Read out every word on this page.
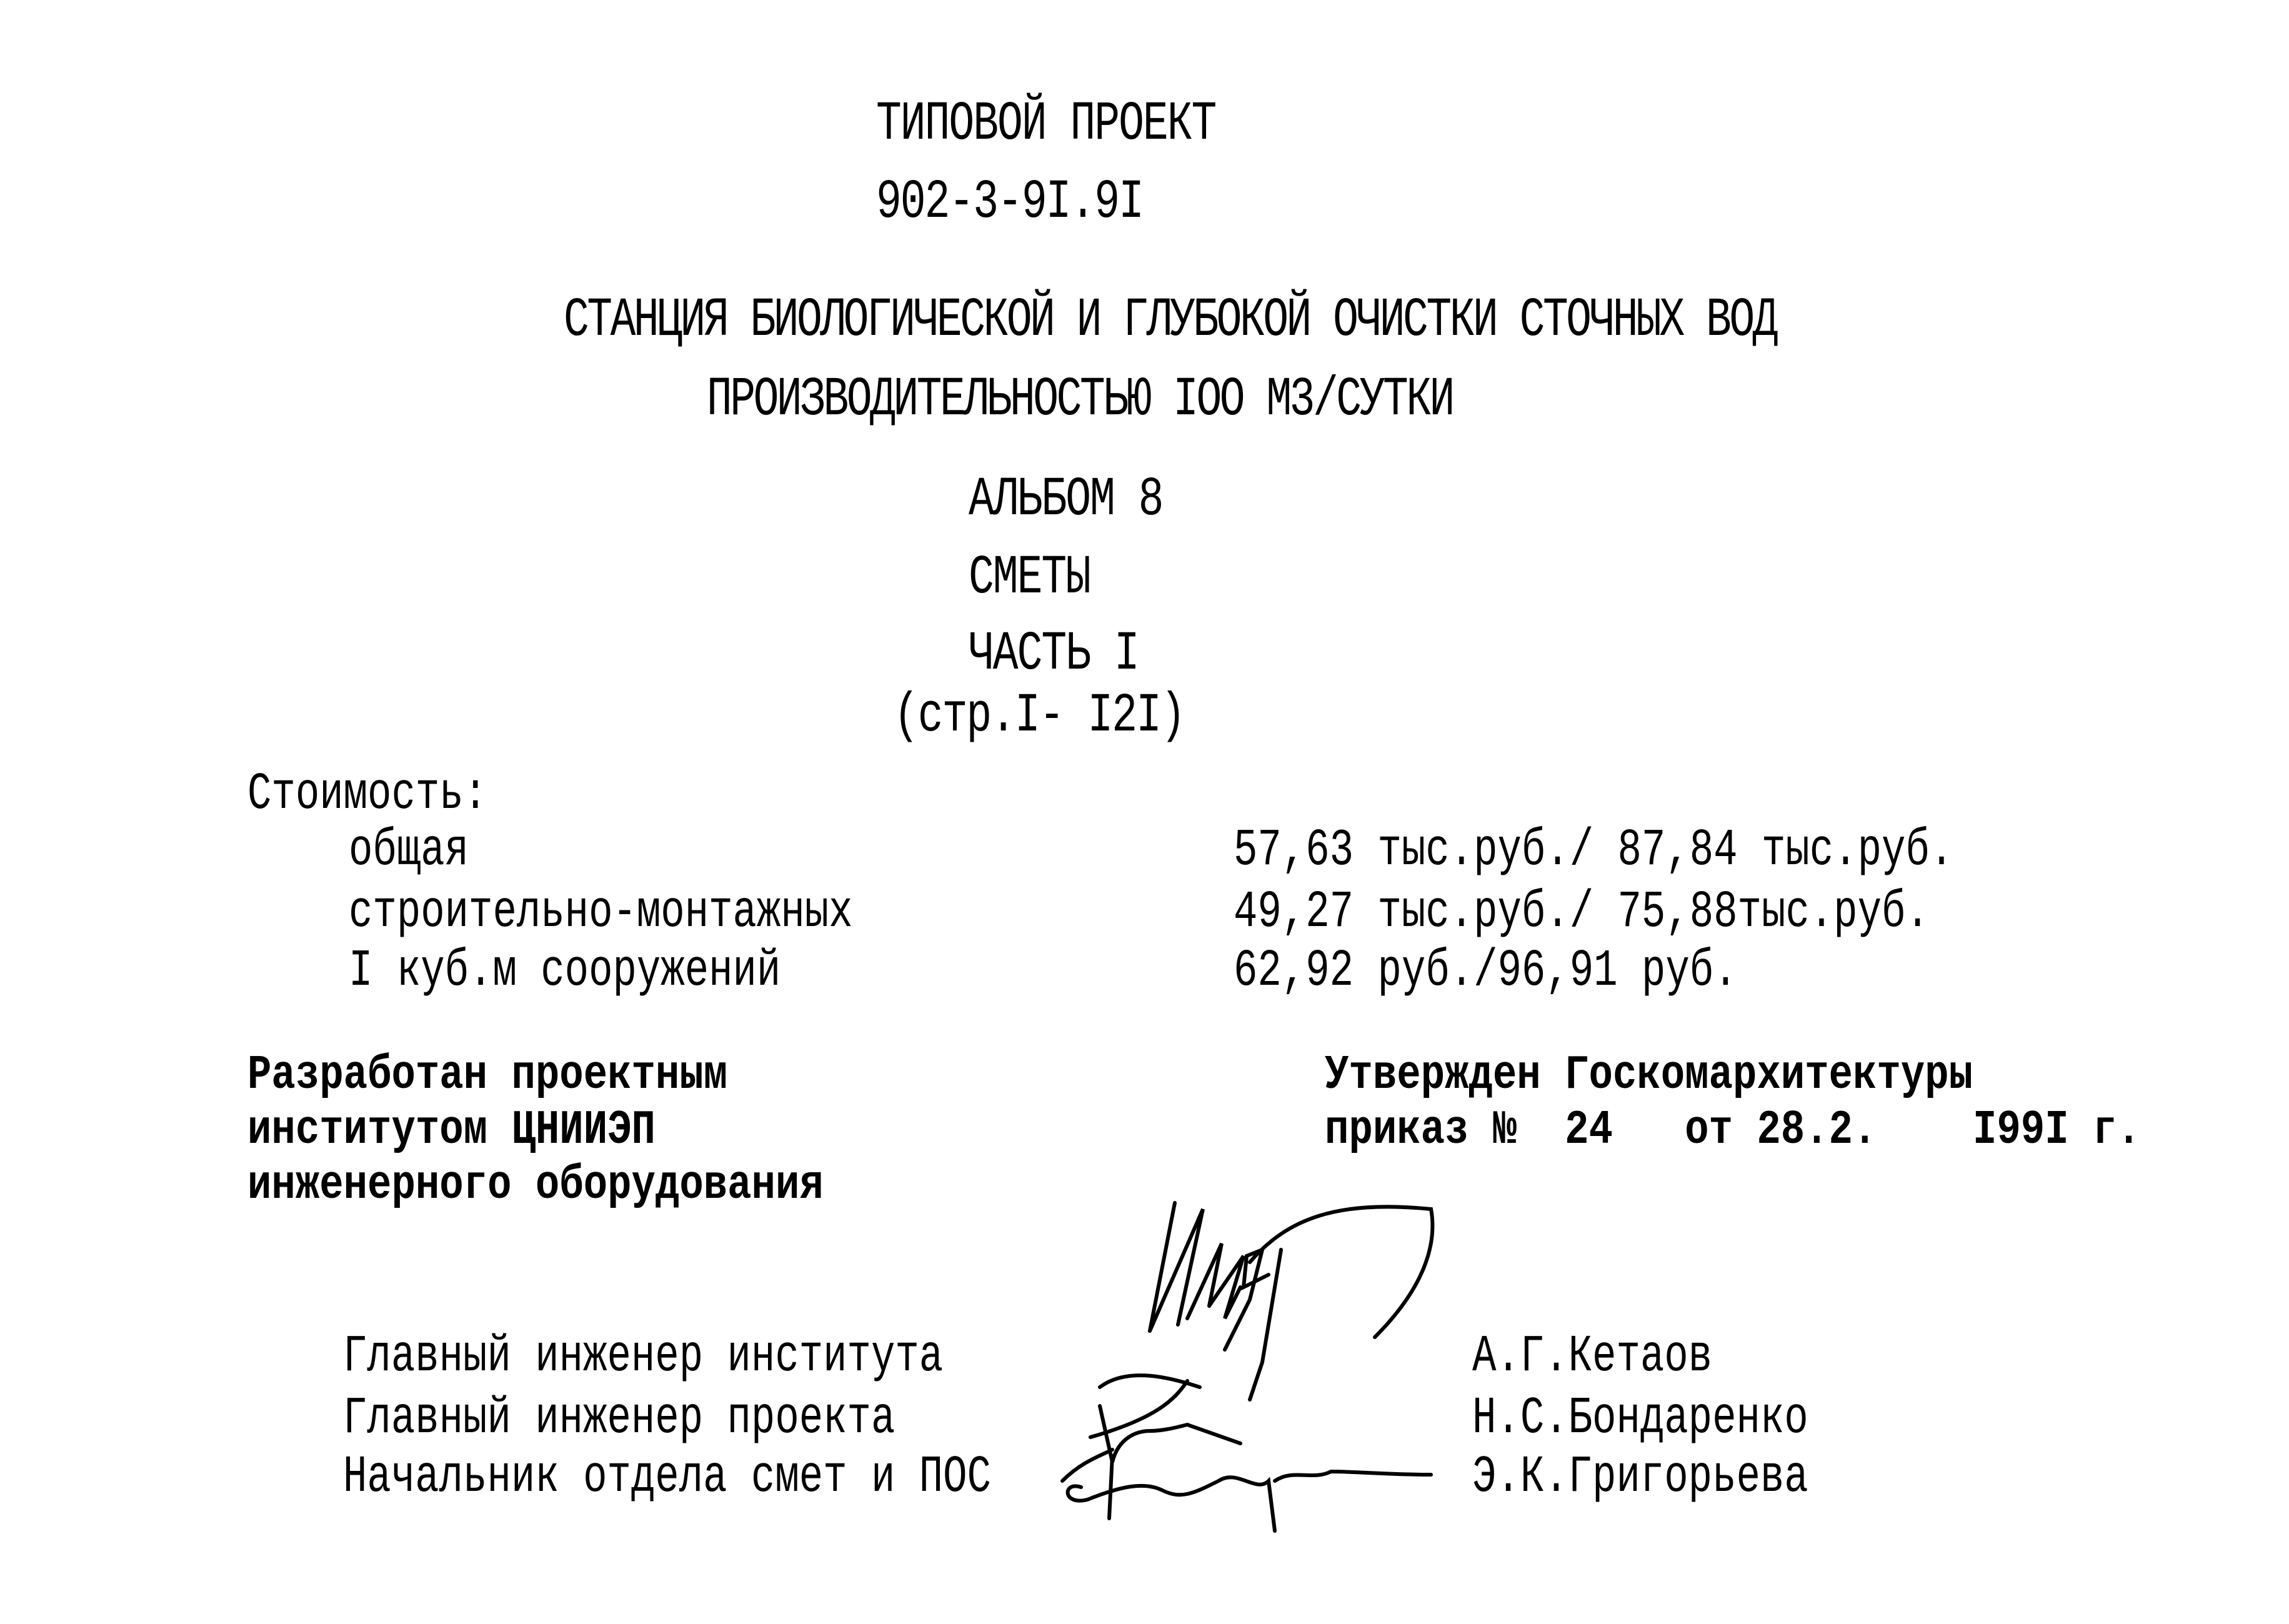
ТИПОВОЙ ПРОЕКТ
902-3-9I.9I
СТАНЦИЯ БИОЛОГИЧЕСКОЙ И ГЛУБОКОЙ ОЧИСТКИ СТОЧНЫХ ВОД
ПРОИЗВОДИТЕЛЬНОСТЬЮ IOO М3/СУТКИ
АЛЬБОМ 8
СМЕТЫ
ЧАСТЬ I
(стр.I- I2I)
Стоимость:
общая	57,63 тыс.руб./ 87,84 тыс.руб.
строительно-монтажных	49,27 тыс.руб./ 75,88тыс.руб.
I куб.м сооружений	62,92 руб./96,91 руб.
Разработан проектным
институтом ЦНИИЭП
инженерного оборудования
Утвержден Госкомархитектуры
приказ №  24   от 28.2.    I99I г.
Главный инженер института	А.Г.Кетаов
Главный инженер проекта	Н.С.Бондаренко
Начальник отдела смет и ПОС	Э.К.Григорьева
